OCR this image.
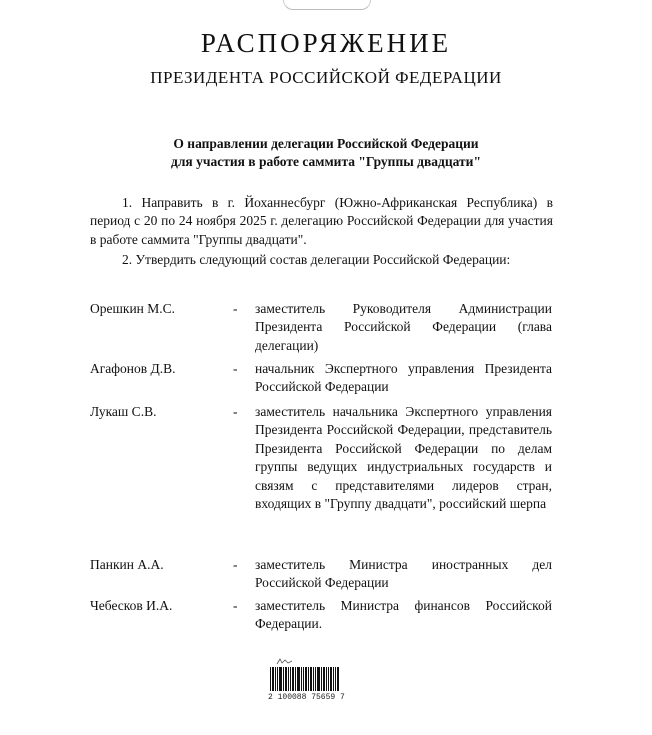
РАСПОРЯЖЕНИЕ
ПРЕЗИДЕНТА РОССИЙСКОЙ ФЕДЕРАЦИИ
О направлении делегации Российской Федерации
для участия в работе саммита "Группы двадцати"
1. Направить в г. Йоханнесбург (Южно-Африканская Республика) в период с 20 по 24 ноября 2025 г. делегацию Российской Федерации для участия в работе саммита "Группы двадцати".
2. Утвердить следующий состав делегации Российской Федерации:
Орешкин М.С.	- заместитель Руководителя Администрации Президента Российской Федерации (глава делегации)
Агафонов Д.В.	- начальник Экспертного управления Президента Российской Федерации
Лукаш С.В.	- заместитель начальника Экспертного управления Президента Российской Федерации, представитель Президента Российской Федерации по делам группы ведущих индустриальных государств и связям с представителями лидеров стран, входящих в "Группу двадцати", российский шерпа
Панкин А.А.	- заместитель Министра иностранных дел Российской Федерации
Чебесков И.А.	- заместитель Министра финансов Российской Федерации.
2 100088 75659 7
